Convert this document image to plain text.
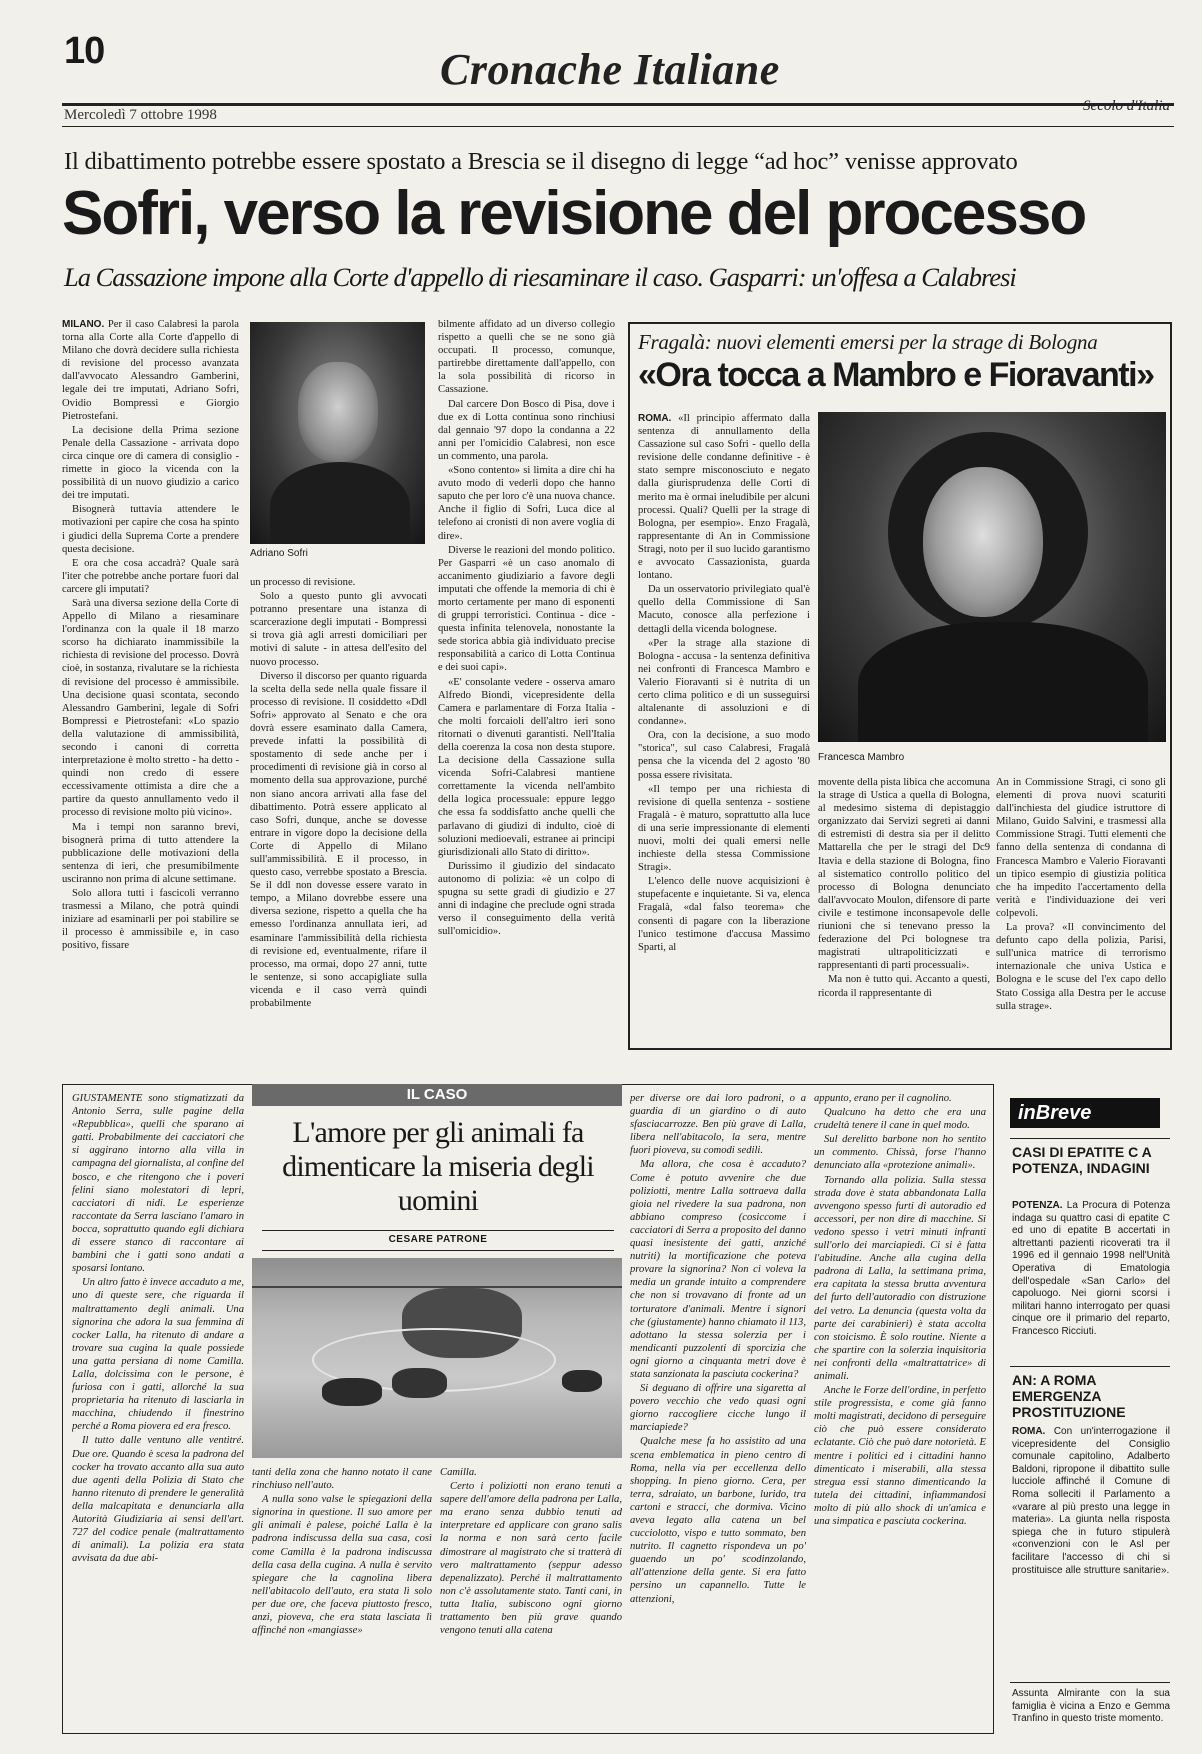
10	Cronache Italiane
Mercoledì 7 ottobre 1998
Secolo d'Italia
Il dibattimento potrebbe essere spostato a Brescia se il disegno di legge “ad hoc” venisse approvato
Sofri, verso la revisione del processo
La Cassazione impone alla Corte d'appello di riesaminare il caso. Gasparri: un'offesa a Calabresi

MILANO. Per il caso Calabresi la parola torna alla Corte alla Corte d'appello di Milano che dovrà decidere sulla richiesta di revisione del processo avanzata dall'avvocato Alessandro Gamberini, legale dei tre imputati, Adriano Sofri, Ovidio Bompressi e Giorgio Pietrostefani.

La decisione della Prima sezione Penale della Cassazione - arrivata dopo circa cinque ore di camera di consiglio - rimette in gioco la vicenda con la possibilità di un nuovo giudizio a carico dei tre imputati.

Bisognerà tuttavia attendere le motivazioni per capire che cosa ha spinto i giudici della Suprema Corte a prendere questa decisione.

E ora che cosa accadrà? Quale sarà l'iter che potrebbe anche portare fuori dal carcere gli imputati?

Sarà una diversa sezione della Corte di Appello di Milano a riesaminare l'ordinanza con la quale il 18 marzo scorso ha dichiarato inammissibile la richiesta di revisione del processo. Dovrà cioè, in sostanza, rivalutare se la richiesta di revisione del processo è ammissibile. Una decisione quasi scontata, secondo Alessandro Gamberini, legale di Sofri Bompressi e Pietrostefani: «Lo spazio della valutazione di ammissibilità, secondo i canoni di corretta interpretazione è molto stretto - ha detto - quindi non credo di essere eccessivamente ottimista a dire che a partire da questo annullamento vedo il processo di revisione molto più vicino».

Ma i tempi non saranno brevi, bisognerà prima di tutto attendere la pubblicazione delle motivazioni della sentenza di ieri, che presumibilmente usciranno non prima di alcune settimane.

Solo allora tutti i fascicoli verranno trasmessi a Milano, che potrà quindi iniziare ad esaminarli per poi stabilire se il processo è ammissibile e, in caso positivo, fissare

Adriano Sofri

un processo di revisione.

Solo a questo punto gli avvocati potranno presentare una istanza di scarcerazione degli imputati - Bompressi si trova già agli arresti domiciliari per motivi di salute - in attesa dell'esito del nuovo processo.

Diverso il discorso per quanto riguarda la scelta della sede nella quale fissare il processo di revisione. Il cosiddetto «Ddl Sofri» approvato al Senato e che ora dovrà essere esaminato dalla Camera, prevede infatti la possibilità di spostamento di sede anche per i procedimenti di revisione già in corso al momento della sua approvazione, purché non siano ancora arrivati alla fase del dibattimento. Potrà essere applicato al caso Sofri, dunque, anche se dovesse entrare in vigore dopo la decisione della Corte di Appello di Milano sull'ammissibilità. E il processo, in questo caso, verrebbe spostato a Brescia. Se il ddl non dovesse essere varato in tempo, a Milano dovrebbe essere una diversa sezione, rispetto a quella che ha emesso l'ordinanza annullata ieri, ad esaminare l'ammissibilità della richiesta di revisione ed, eventualmente, rifare il processo, ma ormai, dopo 27 anni, tutte le sentenze, si sono accapigliate sulla vicenda e il caso verrà quindi probabilmente

bilmente affidato ad un diverso collegio rispetto a quelli che se ne sono già occupati. Il processo, comunque, partirebbe direttamente dall'appello, con la sola possibilità di ricorso in Cassazione.

Dal carcere Don Bosco di Pisa, dove i due ex di Lotta continua sono rinchiusi dal gennaio '97 dopo la condanna a 22 anni per l'omicidio Calabresi, non esce un commento, una parola.

«Sono contento» si limita a dire chi ha avuto modo di vederli dopo che hanno saputo che per loro c'è una nuova chance. Anche il figlio di Sofri, Luca dice al telefono ai cronisti di non avere voglia di dire».

Diverse le reazioni del mondo politico. Per Gasparri «è un caso anomalo di accanimento giudiziario a favore degli imputati che offende la memoria di chi è morto certamente per mano di esponenti di gruppi terroristici. Continua - dice - questa infinita telenovela, nonostante la sede storica abbia già individuato precise responsabilità a carico di Lotta Continua e dei suoi capi».

«E' consolante vedere - osserva amaro Alfredo Biondi, vicepresidente della Camera e parlamentare di Forza Italia - che molti forcaioli dell'altro ieri sono ritornati o divenuti garantisti. Nell'Italia della coerenza la cosa non desta stupore. La decisione della Cassazione sulla vicenda Sofri-Calabresi mantiene correttamente la vicenda nell'ambito della logica processuale: eppure leggo che essa fa soddisfatto anche quelli che parlavano di giudizi di indulto, cioè di soluzioni medioevali, estranee ai principi giurisdizionali allo Stato di diritto».

Durissimo il giudizio del sindacato autonomo di polizia: «è un colpo di spugna su sette gradi di giudizio e 27 anni di indagine che preclude ogni strada verso il conseguimento della verità sull'omicidio».

Fragalà: nuovi elementi emersi per la strage di Bologna
«Ora tocca a Mambro e Fioravanti»

ROMA. «Il principio affermato dalla sentenza di annullamento della Cassazione sul caso Sofri - quello della revisione delle condanne definitive - è stato sempre misconosciuto e negato dalla giurisprudenza delle Corti di merito ma è ormai ineludibile per alcuni processi. Quali? Quelli per la strage di Bologna, per esempio». Enzo Fragalà, rappresentante di An in Commissione Stragi, noto per il suo lucido garantismo e avvocato Cassazionista, guarda lontano.

Da un osservatorio privilegiato qual'è quello della Commissione di San Macuto, conosce alla perfezione i dettagli della vicenda bolognese.

«Per la strage alla stazione di Bologna - accusa - la sentenza definitiva nei confronti di Francesca Mambro e Valerio Fioravanti si è nutrita di un certo clima politico e di un susseguirsi altalenante di assoluzioni e di condanne».

Ora, con la decisione, a suo modo "storica", sul caso Calabresi, Fragalà pensa che la vicenda del 2 agosto '80 possa essere rivisitata.

«Il tempo per una richiesta di revisione di quella sentenza - sostiene Fragalà - è maturo, soprattutto alla luce di una serie impressionante di elementi nuovi, molti dei quali emersi nelle inchieste della stessa Commissione Stragi».

L'elenco delle nuove acquisizioni è stupefacente e inquietante. Si va, elenca Fragalà, «dal falso teorema» che consentì di pagare con la liberazione l'unico testimone d'accusa Massimo Sparti, al

Francesca Mambro

movente della pista libica che accomuna la strage di Ustica a quella di Bologna, al medesimo sistema di depistaggio organizzato dai Servizi segreti ai danni di estremisti di destra sia per il delitto Mattarella che per le stragi del Dc9 Itavia e della stazione di Bologna, fino al sistematico controllo politico del processo di Bologna denunciato dall'avvocato Moulon, difensore di parte civile e testimone inconsapevole delle riunioni che si tenevano presso la federazione del Pci bolognese tra magistrati ultrapoliticizzati e rappresentanti di parti processuali».

Ma non è tutto qui. Accanto a questi, ricorda il rappresentante di

An in Commissione Stragi, ci sono gli elementi di prova nuovi scaturiti dall'inchiesta del giudice istruttore di Milano, Guido Salvini, e trasmessi alla Commissione Stragi. Tutti elementi che fanno della sentenza di condanna di Francesca Mambro e Valerio Fioravanti un tipico esempio di giustizia politica che ha impedito l'accertamento della verità e l'individuazione dei veri colpevoli.

La prova? «Il convincimento del defunto capo della polizia, Parisi, sull'unica matrice di terrorismo internazionale che univa Ustica e Bologna e le scuse del l'ex capo dello Stato Cossiga alla Destra per le accuse sulla strage».

GIUSTAMENTE sono stigmatizzati da Antonio Serra, sulle pagine della «Repubblica», quelli che sparano ai gatti. Probabilmente dei cacciatori che si aggirano intorno alla villa in campagna del giornalista, al confine del bosco, e che ritengono che i poveri felini siano molestatori di lepri, cacciatori di nidi. Le esperienze raccontate da Serra lasciano l'amaro in bocca, soprattutto quando egli dichiara di essere stanco di raccontare ai bambini che i gatti sono andati a sposarsi lontano.

Un altro fatto è invece accaduto a me, uno di queste sere, che riguarda il maltrattamento degli animali. Una signorina che adora la sua femmina di cocker Lalla, ha ritenuto di andare a trovare sua cugina la quale possiede una gatta persiana di nome Camilla. Lalla, dolcissima con le persone, è furiosa con i gatti, allorché la sua proprietaria ha ritenuto di lasciarla in macchina, chiudendo il finestrino perché a Roma piovera ed era fresco.

Il tutto dalle ventuno alle ventitré. Due ore. Quando è scesa la padrona del cocker ha trovato accanto alla sua auto due agenti della Polizia di Stato che hanno ritenuto di prendere le generalità della malcapitata e denunciarla alla Autorità Giudiziaria ai sensi dell'art. 727 del codice penale (maltrattamento di animali). La polizia era stata avvisata da due abi-

IL CASO
L'amore per gli animali fa dimenticare la miseria degli uomini
CESARE PATRONE

tanti della zona che hanno notato il cane rinchiuso nell'auto.

A nulla sono valse le spiegazioni della signorina in questione. Il suo amore per gli animali è palese, poiché Lalla è la padrona indiscussa della sua casa, così come Camilla è la padrona indiscussa della casa della cugina. A nulla è servito spiegare che la cagnolina libera nell'abitacolo dell'auto, era stata lì solo per due ore, che faceva piuttosto fresco, anzi, pioveva, che era stata lasciata lì affinché non «mangiasse»

Camilla.

Certo i poliziotti non erano tenuti a sapere dell'amore della padrona per Lalla, ma erano senza dubbio tenuti ad interpretare ed applicare con grano salis la norma e non sarà certo facile dimostrare al magistrato che si tratterà di vero maltrattamento (seppur adesso depenalizzato). Perché il maltrattamento non c'è assolutamente stato. Tanti cani, in tutta Italia, subiscono ogni giorno trattamento ben più grave quando vengono tenuti alla catena

per diverse ore dai loro padroni, o a guardia di un giardino o di auto sfasciacarrozze. Ben più grave di Lalla, libera nell'abitacolo, la sera, mentre fuori pioveva, su comodi sedili.

Ma allora, che cosa è accaduto? Come è potuto avvenire che due poliziotti, mentre Lalla sottraeva dalla gioia nel rivedere la sua padrona, non abbiano compreso (cosiccome i cacciatori di Serra a proposito del danno quasi inesistente dei gatti, anziché nutriti) la mortificazione che poteva provare la signorina? Non ci voleva la media un grande intuito a comprendere che non si trovavano di fronte ad un torturatore d'animali. Mentre i signori che (giustamente) hanno chiamato il 113, adottano la stessa solerzia per i mendicanti puzzolenti di sporcizia che ogni giorno a cinquanta metri dove è stata sanzionata la pasciuta cockerina?

Si deguano di offrire una sigaretta al povero vecchio che vedo quasi ogni giorno raccogliere cicche lungo il marciapiede?

Qualche mese fa ho assistito ad una scena emblematica in pieno centro di Roma, nella via per eccellenza dello shopping. In pieno giorno. Cera, per terra, sdraiato, un barbone, lurido, tra cartoni e stracci, che dormiva. Vicino aveva legato alla catena un bel cucciolotto, vispo e tutto sommato, ben nutrito. Il cagnetto rispondeva un po' guaendo un po' scodinzolando, all'attenzione della gente. Si era fatto persino un capannello. Tutte le attenzioni,

appunto, erano per il cagnolino.

Qualcuno ha detto che era una crudeltà tenere il cane in quel modo.

Sul derelitto barbone non ho sentito un commento. Chissà, forse l'hanno denunciato alla «protezione animali».

Tornando alla polizia. Sulla stessa strada dove è stata abbandonata Lalla avvengono spesso furti di autoradio ed accessori, per non dire di macchine. Si vedono spesso i vetri minuti infranti sull'orlo dei marciapiedi. Ci si è fatta l'abitudine. Anche alla cugina della padrona di Lalla, la settimana prima, era capitata la stessa brutta avventura del furto dell'autoradio con distruzione del vetro. La denuncia (questa volta da parte dei carabinieri) è stata accolta con stoicismo. È solo routine. Niente a che spartire con la solerzia inquisitoria nei confronti della «maltrattatrice» di animali.

Anche le Forze dell'ordine, in perfetto stile progressista, e come già fanno molti magistrati, decidono di perseguire ciò che può essere considerato eclatante. Ciò che può dare notorietà. E mentre i politici ed i cittadini hanno dimenticato i miserabili, alla stessa stregua essi stanno dimenticando la tutela dei cittadini, infiammandosi molto di più allo shock di un'amica e una simpatica e pasciuta cockerina.

inBreve
CASI DI EPATITE C A POTENZA, INDAGINI

POTENZA. La Procura di Potenza indaga su quattro casi di epatite C ed uno di epatite B accertati in altrettanti pazienti ricoverati tra il 1996 ed il gennaio 1998 nell'Unità Operativa di Ematologia dell'ospedale «San Carlo» del capoluogo. Nei giorni scorsi i militari hanno interrogato per quasi cinque ore il primario del reparto, Francesco Ricciuti.

AN: A ROMA EMERGENZA PROSTITUZIONE

ROMA. Con un'interrogazione il vicepresidente del Consiglio comunale capitolino, Adalberto Baldoni, ripropone il dibattito sulle lucciole affinché il Comune di Roma solleciti il Parlamento a «varare al più presto una legge in materia». La giunta nella risposta spiega che in futuro stipulerà «convenzioni con le Asl per facilitare l'accesso di chi si prostituisce alle strutture sanitarie».

Assunta Almirante con la sua famiglia è vicina a Enzo e Gemma Tranfino in questo triste momento.
